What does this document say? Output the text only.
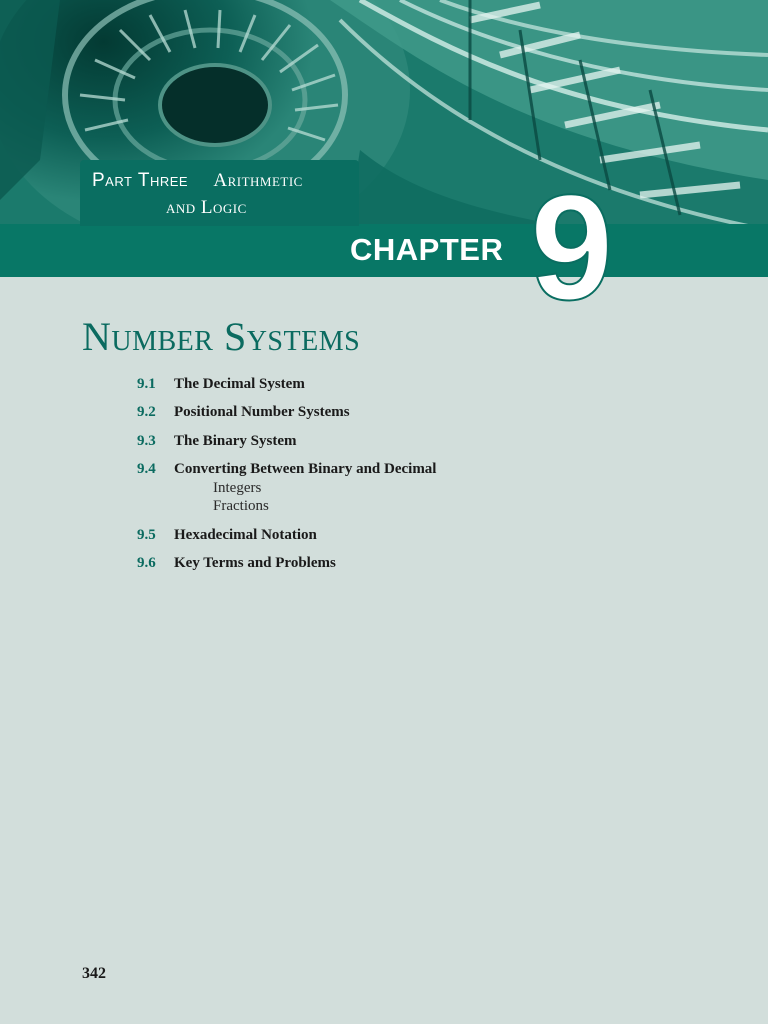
Part Three Arithmetic
and Logic
CHAPTER 9
Number Systems
9.1 The Decimal System
9.2 Positional Number Systems
9.3 The Binary System
9.4 Converting Between Binary and Decimal
Integers
Fractions
9.5 Hexadecimal Notation
9.6 Key Terms and Problems
342
